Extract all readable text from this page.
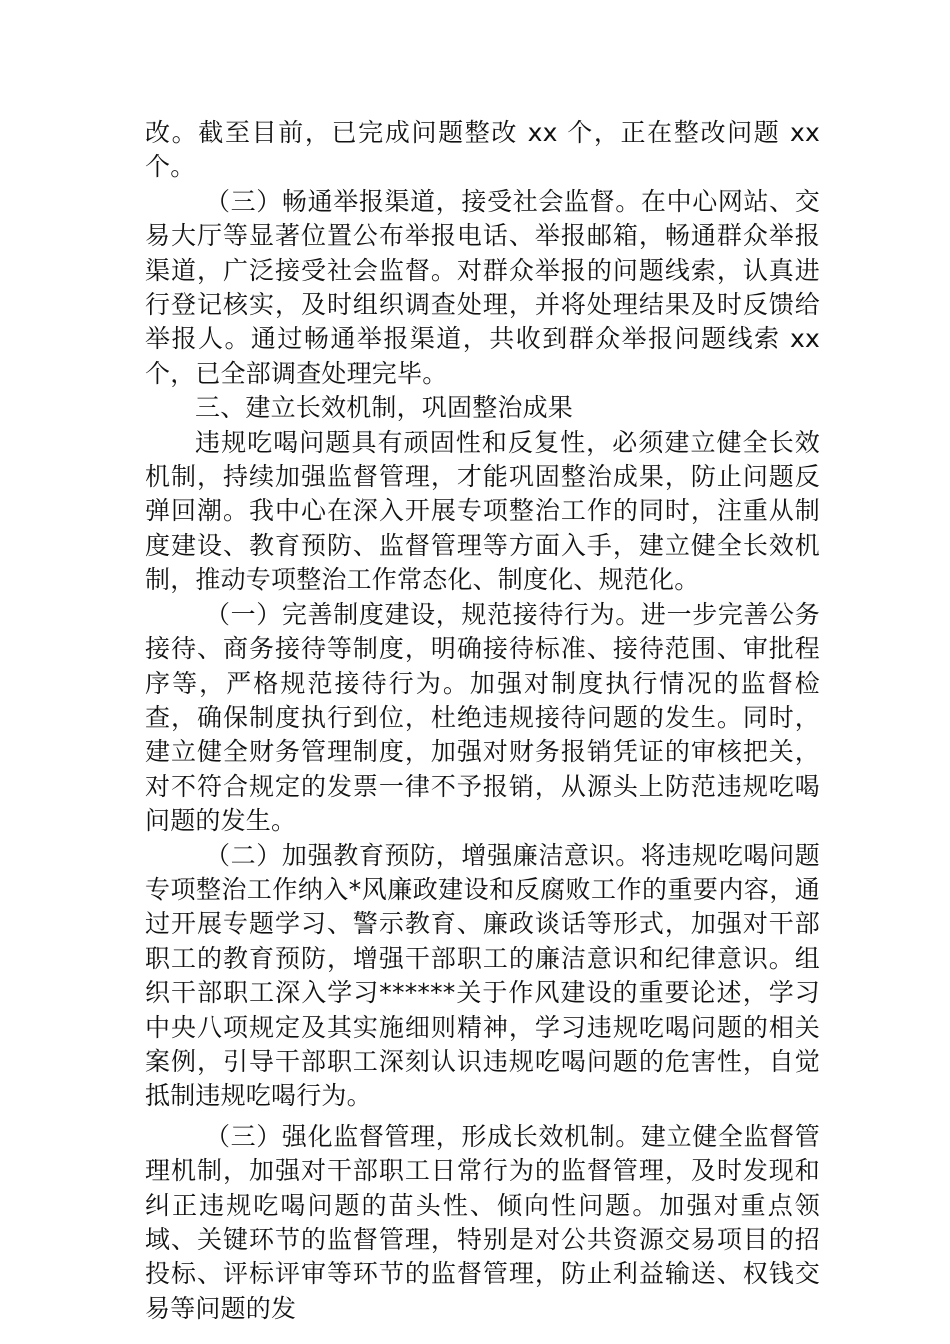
改。截至目前，已完成问题整改 xx 个，正在整改问题 xx 个。

（三）畅通举报渠道，接受社会监督。在中心网站、交易大厅等显著位置公布举报电话、举报邮箱，畅通群众举报渠道，广泛接受社会监督。对群众举报的问题线索，认真进行登记核实，及时组织调查处理，并将处理结果及时反馈给举报人。通过畅通举报渠道，共收到群众举报问题线索 xx 个，已全部调查处理完毕。

三、建立长效机制，巩固整治成果

违规吃喝问题具有顽固性和反复性，必须建立健全长效机制，持续加强监督管理，才能巩固整治成果，防止问题反弹回潮。我中心在深入开展专项整治工作的同时，注重从制度建设、教育预防、监督管理等方面入手，建立健全长效机制，推动专项整治工作常态化、制度化、规范化。

（一）完善制度建设，规范接待行为。进一步完善公务接待、商务接待等制度，明确接待标准、接待范围、审批程序等，严格规范接待行为。加强对制度执行情况的监督检查，确保制度执行到位，杜绝违规接待问题的发生。同时，建立健全财务管理制度，加强对财务报销凭证的审核把关，对不符合规定的发票一律不予报销，从源头上防范违规吃喝问题的发生。

（二）加强教育预防，增强廉洁意识。将违规吃喝问题专项整治工作纳入*风廉政建设和反腐败工作的重要内容，通过开展专题学习、警示教育、廉政谈话等形式，加强对干部职工的教育预防，增强干部职工的廉洁意识和纪律意识。组织干部职工深入学习******关于作风建设的重要论述，学习中央八项规定及其实施细则精神，学习违规吃喝问题的相关案例，引导干部职工深刻认识违规吃喝问题的危害性，自觉抵制违规吃喝行为。

（三）强化监督管理，形成长效机制。建立健全监督管理机制，加强对干部职工日常行为的监督管理，及时发现和纠正违规吃喝问题的苗头性、倾向性问题。加强对重点领域、关键环节的监督管理，特别是对公共资源交易项目的招投标、评标评审等环节的监督管理，防止利益输送、权钱交易等问题的发
